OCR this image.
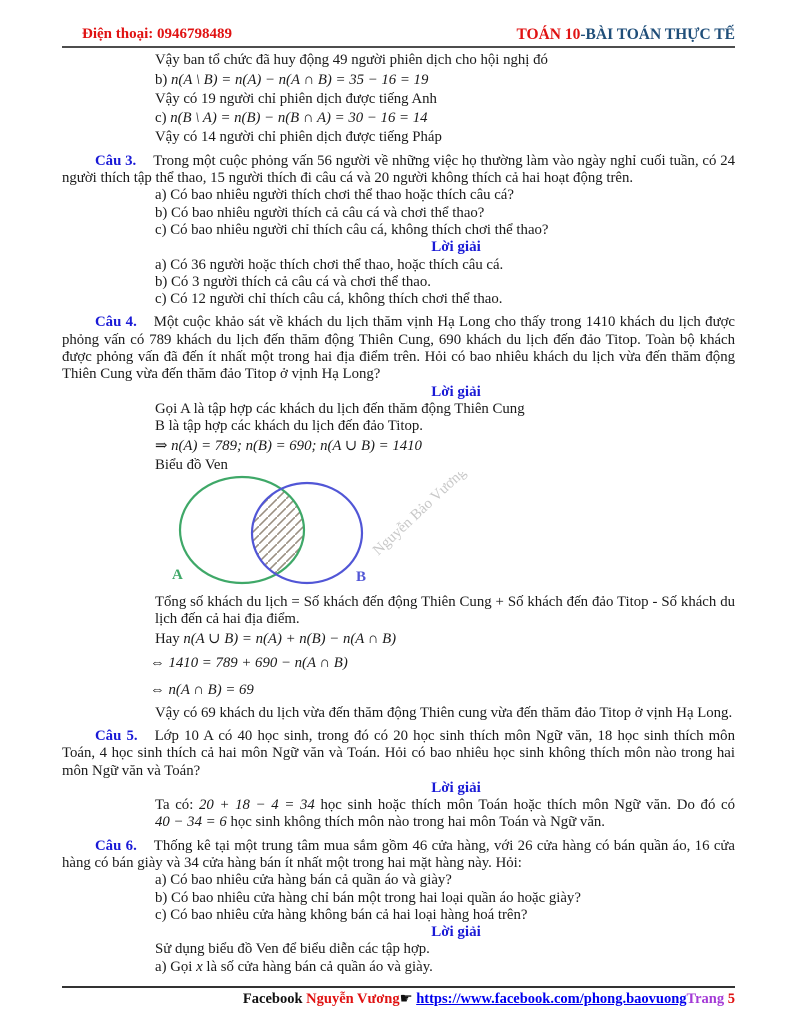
Điện thoại: 0946798489	TOÁN 10-BÀI TOÁN THỰC TẾ
Vậy ban tổ chức đã huy động 49 người phiên dịch cho hội nghị đó
b) n(A \ B) = n(A) − n(A ∩ B) = 35 − 16 = 19
Vậy có 19 người chỉ phiên dịch được tiếng Anh
c) n(B \ A) = n(B) − n(B ∩ A) = 30 − 16 = 14
Vậy có 14 người chỉ phiên dịch được tiếng Pháp
Câu 3. Trong một cuộc phỏng vấn 56 người về những việc họ thường làm vào ngày nghỉ cuối tuần, có 24 người thích tập thể thao, 15 người thích đi câu cá và 20 người không thích cả hai hoạt động trên.
a) Có bao nhiêu người thích chơi thể thao hoặc thích câu cá?
b) Có bao nhiêu người thích cả câu cá và chơi thể thao?
c) Có bao nhiêu người chỉ thích câu cá, không thích chơi thể thao?
Lời giải
a) Có 36 người hoặc thích chơi thể thao, hoặc thích câu cá.
b) Có 3 người thích cả câu cá và chơi thể thao.
c) Có 12 người chỉ thích câu cá, không thích chơi thể thao.
Câu 4. Một cuộc khảo sát về khách du lịch thăm vịnh Hạ Long cho thấy trong 1410 khách du lịch được phỏng vấn có 789 khách du lịch đến thăm động Thiên Cung, 690 khách du lịch đến đảo Titop. Toàn bộ khách được phỏng vấn đã đến ít nhất một trong hai địa điểm trên. Hỏi có bao nhiêu khách du lịch vừa đến thăm động Thiên Cung vừa đến thăm đảo Titop ở vịnh Hạ Long?
Lời giải
Gọi A là tập hợp các khách du lịch đến thăm động Thiên Cung
B là tập hợp các khách du lịch đến đảo Titop.
⇒ n(A) = 789; n(B) = 690; n(A ∪ B) = 1410
Biểu đồ Ven	Nguyễn Bảo Vương
A	B
Tổng số khách du lịch = Số khách đến động Thiên Cung + Số khách đến đảo Titop - Số khách du
lịch đến cả hai địa điểm.
Hay n(A ∪ B) = n(A) + n(B) − n(A ∩ B)
⇔ 1410 = 789 + 690 − n(A ∩ B)
⇔ n(A ∩ B) = 69
Vậy có 69 khách du lịch vừa đến thăm động Thiên cung vừa đến thăm đảo Titop ở vịnh Hạ Long.
Câu 5. Lớp 10 A có 40 học sinh, trong đó có 20 học sinh thích môn Ngữ văn, 18 học sinh thích môn Toán, 4 học sinh thích cả hai môn Ngữ văn và Toán. Hỏi có bao nhiêu học sinh không thích môn nào trong hai môn Ngữ văn và Toán?
Lời giải
Ta có: 20 + 18 − 4 = 34 học sinh hoặc thích môn Toán hoặc thích môn Ngữ văn. Do đó có
40 − 34 = 6 học sinh không thích môn nào trong hai môn Toán và Ngữ văn.
Câu 6. Thống kê tại một trung tâm mua sắm gồm 46 cửa hàng, với 26 cửa hàng có bán quần áo, 16 cửa hàng có bán giày và 34 cửa hàng bán ít nhất một trong hai mặt hàng này. Hỏi:
a) Có bao nhiêu cửa hàng bán cả quần áo và giày?
b) Có bao nhiêu cửa hàng chỉ bán một trong hai loại quần áo hoặc giày?
c) Có bao nhiêu cửa hàng không bán cả hai loại hàng hoá trên?
Lời giải
Sử dụng biểu đồ Ven để biểu diễn các tập hợp.
a) Gọi x là số cửa hàng bán cả quần áo và giày.
Facebook Nguyễn Vương☛ https://www.facebook.com/phong.baovuongTrang 5
